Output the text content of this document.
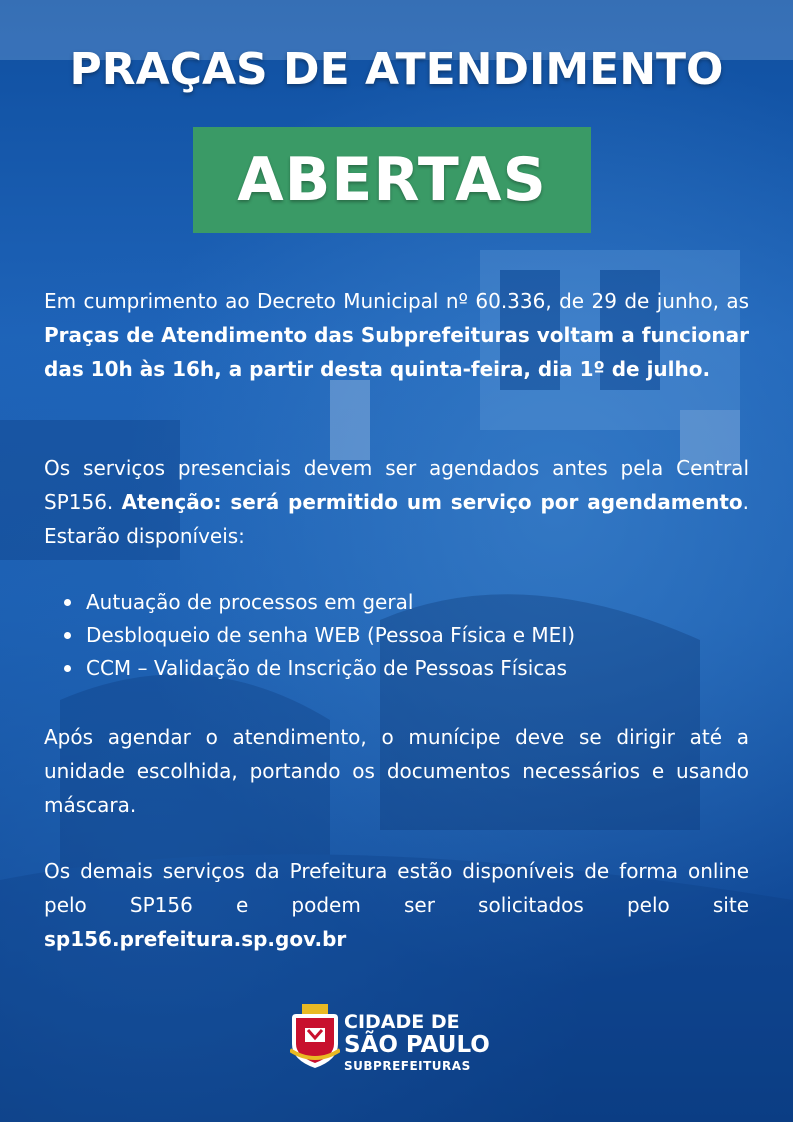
PRAÇAS DE ATENDIMENTO
ABERTAS

Em cumprimento ao Decreto Municipal nº 60.336, de 29 de junho, as Praças de Atendimento das Subprefeituras voltam a funcionar das 10h às 16h, a partir desta quinta-feira, dia 1º de julho.

Os serviços presenciais devem ser agendados antes pela Central SP156. Atenção: será permitido um serviço por agendamento. Estarão disponíveis:

Autuação de processos em geral
Desbloqueio de senha WEB (Pessoa Física e MEI)
CCM – Validação de Inscrição de Pessoas Físicas

Após agendar o atendimento, o munícipe deve se dirigir até a unidade escolhida, portando os documentos necessários e usando máscara.

Os demais serviços da Prefeitura estão disponíveis de forma online pelo SP156 e podem ser solicitados pelo site sp156.prefeitura.sp.gov.br

CIDADE DE
SÃO PAULO
SUBPREFEITURAS
